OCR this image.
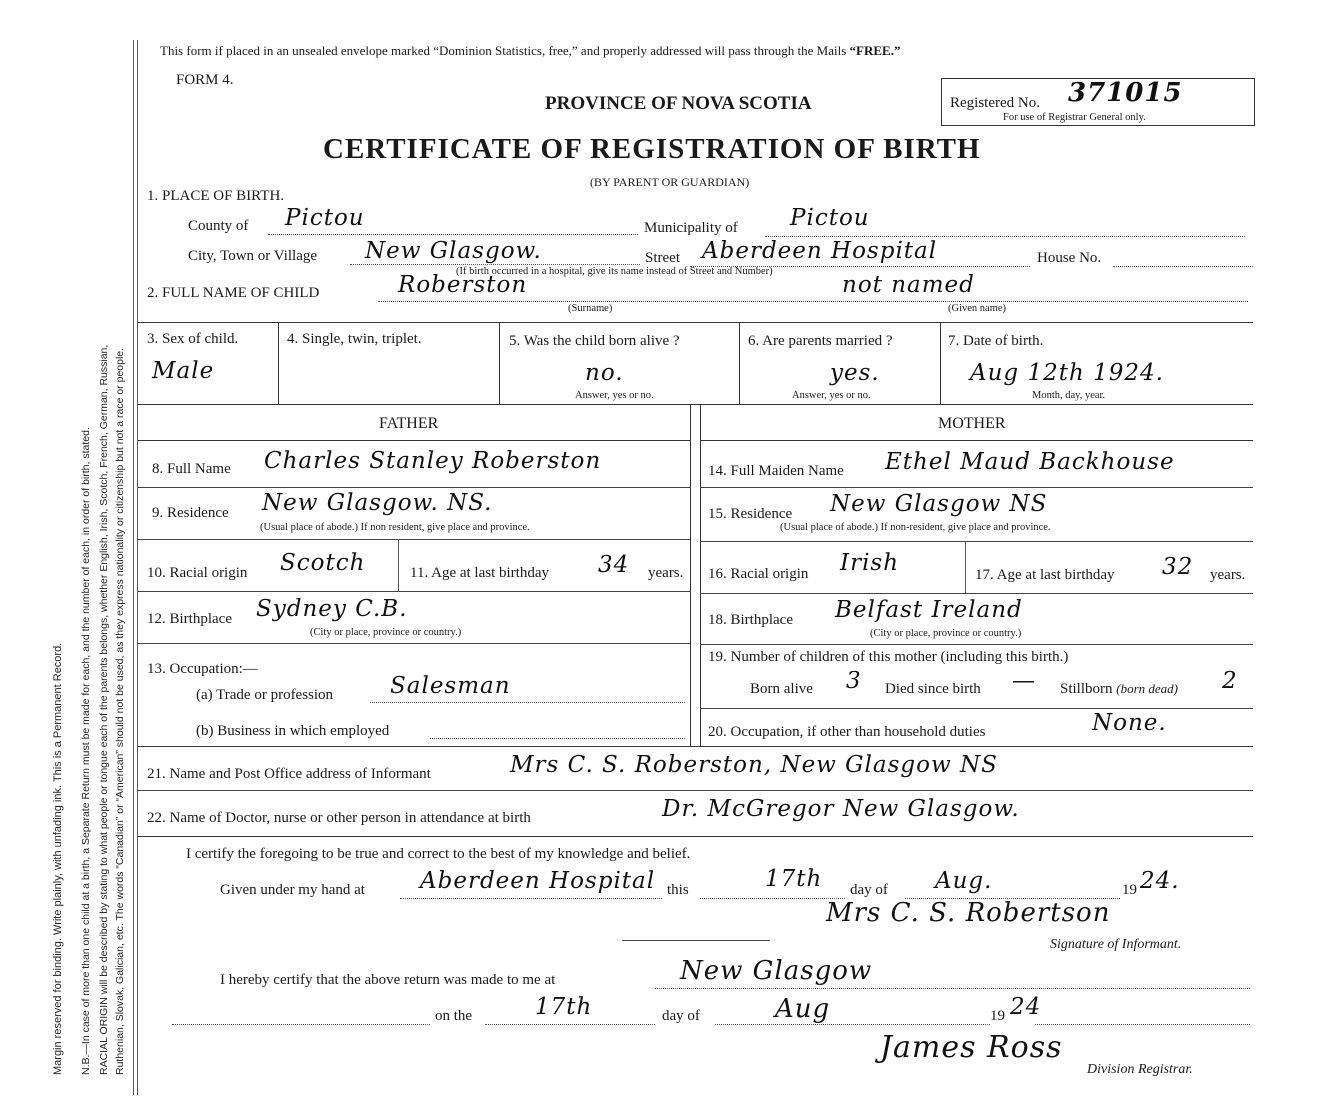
Margin reserved for binding. Write plainly, with unfading ink. This is a Permanent Record. N.B.—In case of more than one child at a birth, a Separate Return must be made for each, and the number of each, in order of birth, stated. RACIAL ORIGIN will be described by stating to what people or tongue each of the parents belongs, whether English, Irish, Scotch, French, German, Russian, Ruthenian, Slovak, Galician, etc. The words “Canadian” or “American” should not be used, as they express nationality or citizenship but not a race or people.
This form if placed in an unsealed envelope marked “Dominion Statistics, free,” and properly addressed will pass through the Mails “FREE.”
FORM 4.
PROVINCE OF NOVA SCOTIA
CERTIFICATE OF REGISTRATION OF BIRTH
(BY PARENT OR GUARDIAN)
Registered No. 371015
For use of Registrar General only.
1. PLACE OF BIRTH.
County of Pictou	Municipality of Pictou
City, Town or Village New Glasgow.	Street Aberdeen Hospital	House No.
(If birth occurred in a hospital, give its name instead of Street and Number)
2. FULL NAME OF CHILD	Roberston
(Surname)
not named
(Given name)
3. Sex of child.
Male
4. Single, twin, triplet.	5. Was the child born alive ?
no.
Answer, yes or no.
6. Are parents married ?
yes.
Answer, yes or no.
7. Date of birth.
Aug 12th 1924.
Month, day, year.
FATHER	MOTHER
8. Full Name Charles Stanley Roberston
9. Residence New Glasgow. NS.
(Usual place of abode.) If non resident, give place and province.
10. Racial origin Scotch	11. Age at last birthday 34 years.
12. Birthplace Sydney C.B.
(City or place, province or country.)
13. Occupation:—
(a) Trade or profession Salesman
(b) Business in which employed
14. Full Maiden Name Ethel Maud Backhouse
15. Residence New Glasgow NS
(Usual place of abode.) If non-resident, give place and province.
16. Racial origin Irish	17. Age at last birthday 32 years.
18. Birthplace Belfast Ireland
(City or place, province or country.)
19. Number of children of this mother (including this birth.)
Born alive 3 Died since birth — Stillborn (born dead) 2
20. Occupation, if other than household duties	None.
21. Name and Post Office address of Informant	Mrs C. S. Roberston, New Glasgow NS
22. Name of Doctor, nurse or other person in attendance at birth	Dr. McGregor New Glasgow.
I certify the foregoing to be true and correct to the best of my knowledge and belief.
Given under my hand at Aberdeen Hospital this	17th day of Aug.	19 24.
Mrs C. S. Robertson
Signature of Informant.
I hereby certify that the above return was made to me at	New Glasgow
on the	17th	day of	Aug	19 24
James Ross
Division Registrar.
